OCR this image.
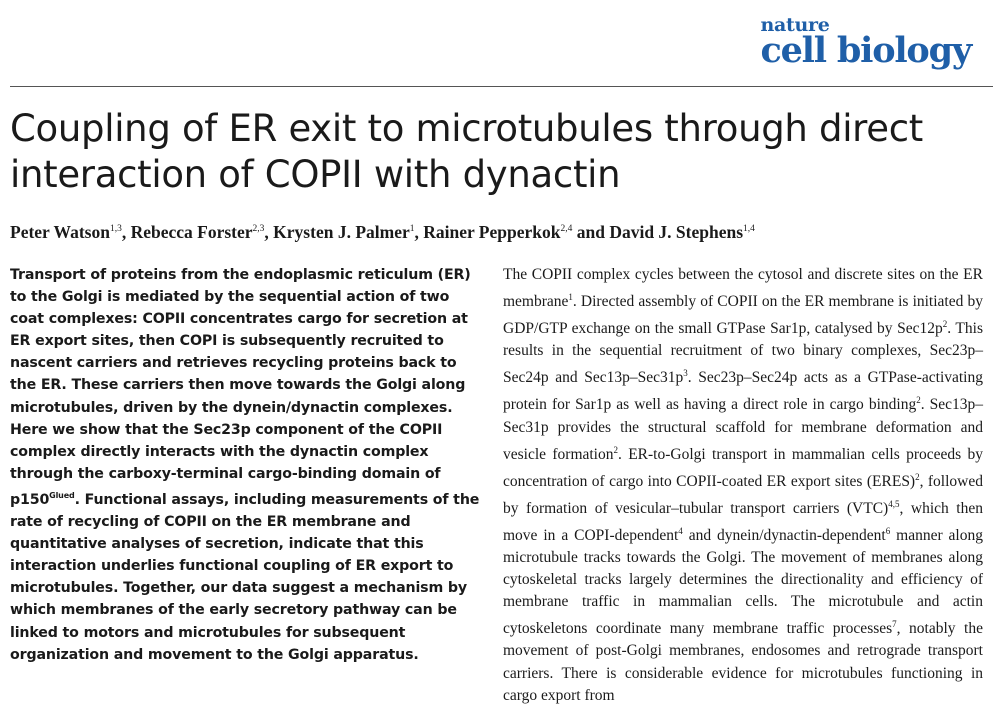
nature
cell biology
Coupling of ER exit to microtubules through direct interaction of COPII with dynactin

Peter Watson$^{1,3}$, Rebecca Forster$^{2,3}$, Krysten J. Palmer$^1$, Rainer Pepperkok$^{2,4}$ and David J. Stephens$^{1,4}$

Transport of proteins from the endoplasmic reticulum (ER) to the Golgi is mediated by the sequential action of two coat complexes: COPII concentrates cargo for secretion at ER export sites, then COPI is subsequently recruited to nascent carriers and retrieves recycling proteins back to the ER. These carriers then move towards the Golgi along microtubules, driven by the dynein/dynactin complexes. Here we show that the Sec23p component of the COPII complex directly interacts with the dynactin complex through the carboxy-terminal cargo-binding domain of $p150^{Glued}$. Functional assays, including measurements of the rate of recycling of COPII on the ER membrane and quantitative analyses of secretion, indicate that this interaction underlies functional coupling of ER export to microtubules. Together, our data suggest a mechanism by which membranes of the early secretory pathway can be linked to motors and microtubules for subsequent organization and movement to the Golgi apparatus.

The COPII complex cycles between the cytosol and discrete sites on the ER membrane$^1$. Directed assembly of COPII on the ER membrane is initiated by GDP/GTP exchange on the small GTPase Sar1p, catalysed by $Sec12p^2$. This results in the sequential recruitment of two binary complexes, Sec23p–Sec24p and $Sec13p-Sec31p^3$. Sec23p–Sec24p acts as a GTPase-activating protein for Sar1p as well as having a direct role in cargo binding$^2$. Sec13p–Sec31p provides the structural scaffold for membrane deformation and vesicle formation$^2$. ER-to-Golgi transport in mammalian cells proceeds by concentration of cargo into COPII-coated ER export sites (ERES)$^2$, followed by formation of vesicular–tubular transport carriers (VTC)$^{4,5}$, which then move in a COPI-dependent$^4$ and dynein/dynactin-dependent$^6$ manner along microtubule tracks towards the Golgi. The movement of membranes along cytoskeletal tracks largely determines the directionality and efficiency of membrane traffic in mammalian cells. The microtubule and actin cytoskeletons coordinate many membrane traffic processes$^7$, notably the movement of post-Golgi membranes, endosomes and retrograde transport carriers. There is considerable evidence for microtubules functioning in cargo export from
